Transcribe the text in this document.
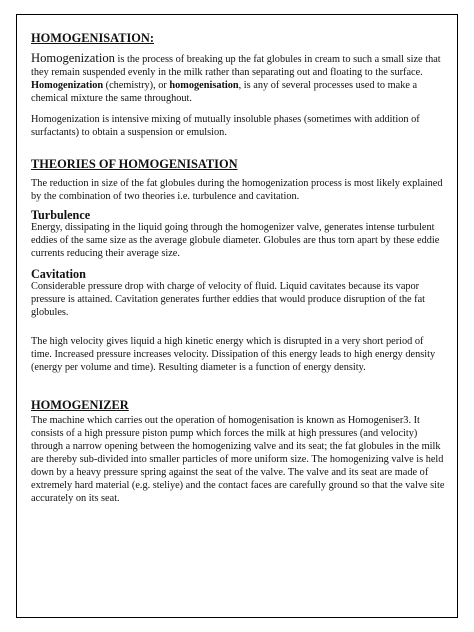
HOMOGENISATION:

Homogenization is the process of breaking up the fat globules in cream to such a small size that they remain suspended evenly in the milk rather than separating out and floating to the surface. Homogenization (chemistry), or homogenisation, is any of several processes used to make a chemical mixture the same throughout.

Homogenization is intensive mixing of mutually insoluble phases (sometimes with addition of surfactants) to obtain a suspension or emulsion.

THEORIES OF HOMOGENISATION

The reduction in size of the fat globules during the homogenization process is most likely explained by the combination of two theories i.e. turbulence and cavitation.

Turbulence

Energy, dissipating in the liquid going through the homogenizer valve, generates intense turbulent eddies of the same size as the average globule diameter. Globules are thus torn apart by these eddie currents reducing their average size.

Cavitation

Considerable pressure drop with charge of velocity of fluid. Liquid cavitates because its vapor pressure is attained. Cavitation generates further eddies that would produce disruption of the fat globules.

The high velocity gives liquid a high kinetic energy which is disrupted in a very short period of time. Increased pressure increases velocity. Dissipation of this energy leads to high energy density (energy per volume and time). Resulting diameter is a function of energy density.

HOMOGENIZER

The machine which carries out the operation of homogenisation is known as Homogeniser3. It consists of a high pressure piston pump which forces the milk at high pressures (and velocity) through a narrow opening between the homogenizing valve and its seat; the fat globules in the milk are thereby sub-divided into smaller particles of more uniform size. The homogenizing valve is held down by a heavy pressure spring against the seat of the valve. The valve and its seat are made of extremely hard material (e.g. steliye) and the contact faces are carefully ground so that the valve site accurately on its seat.
